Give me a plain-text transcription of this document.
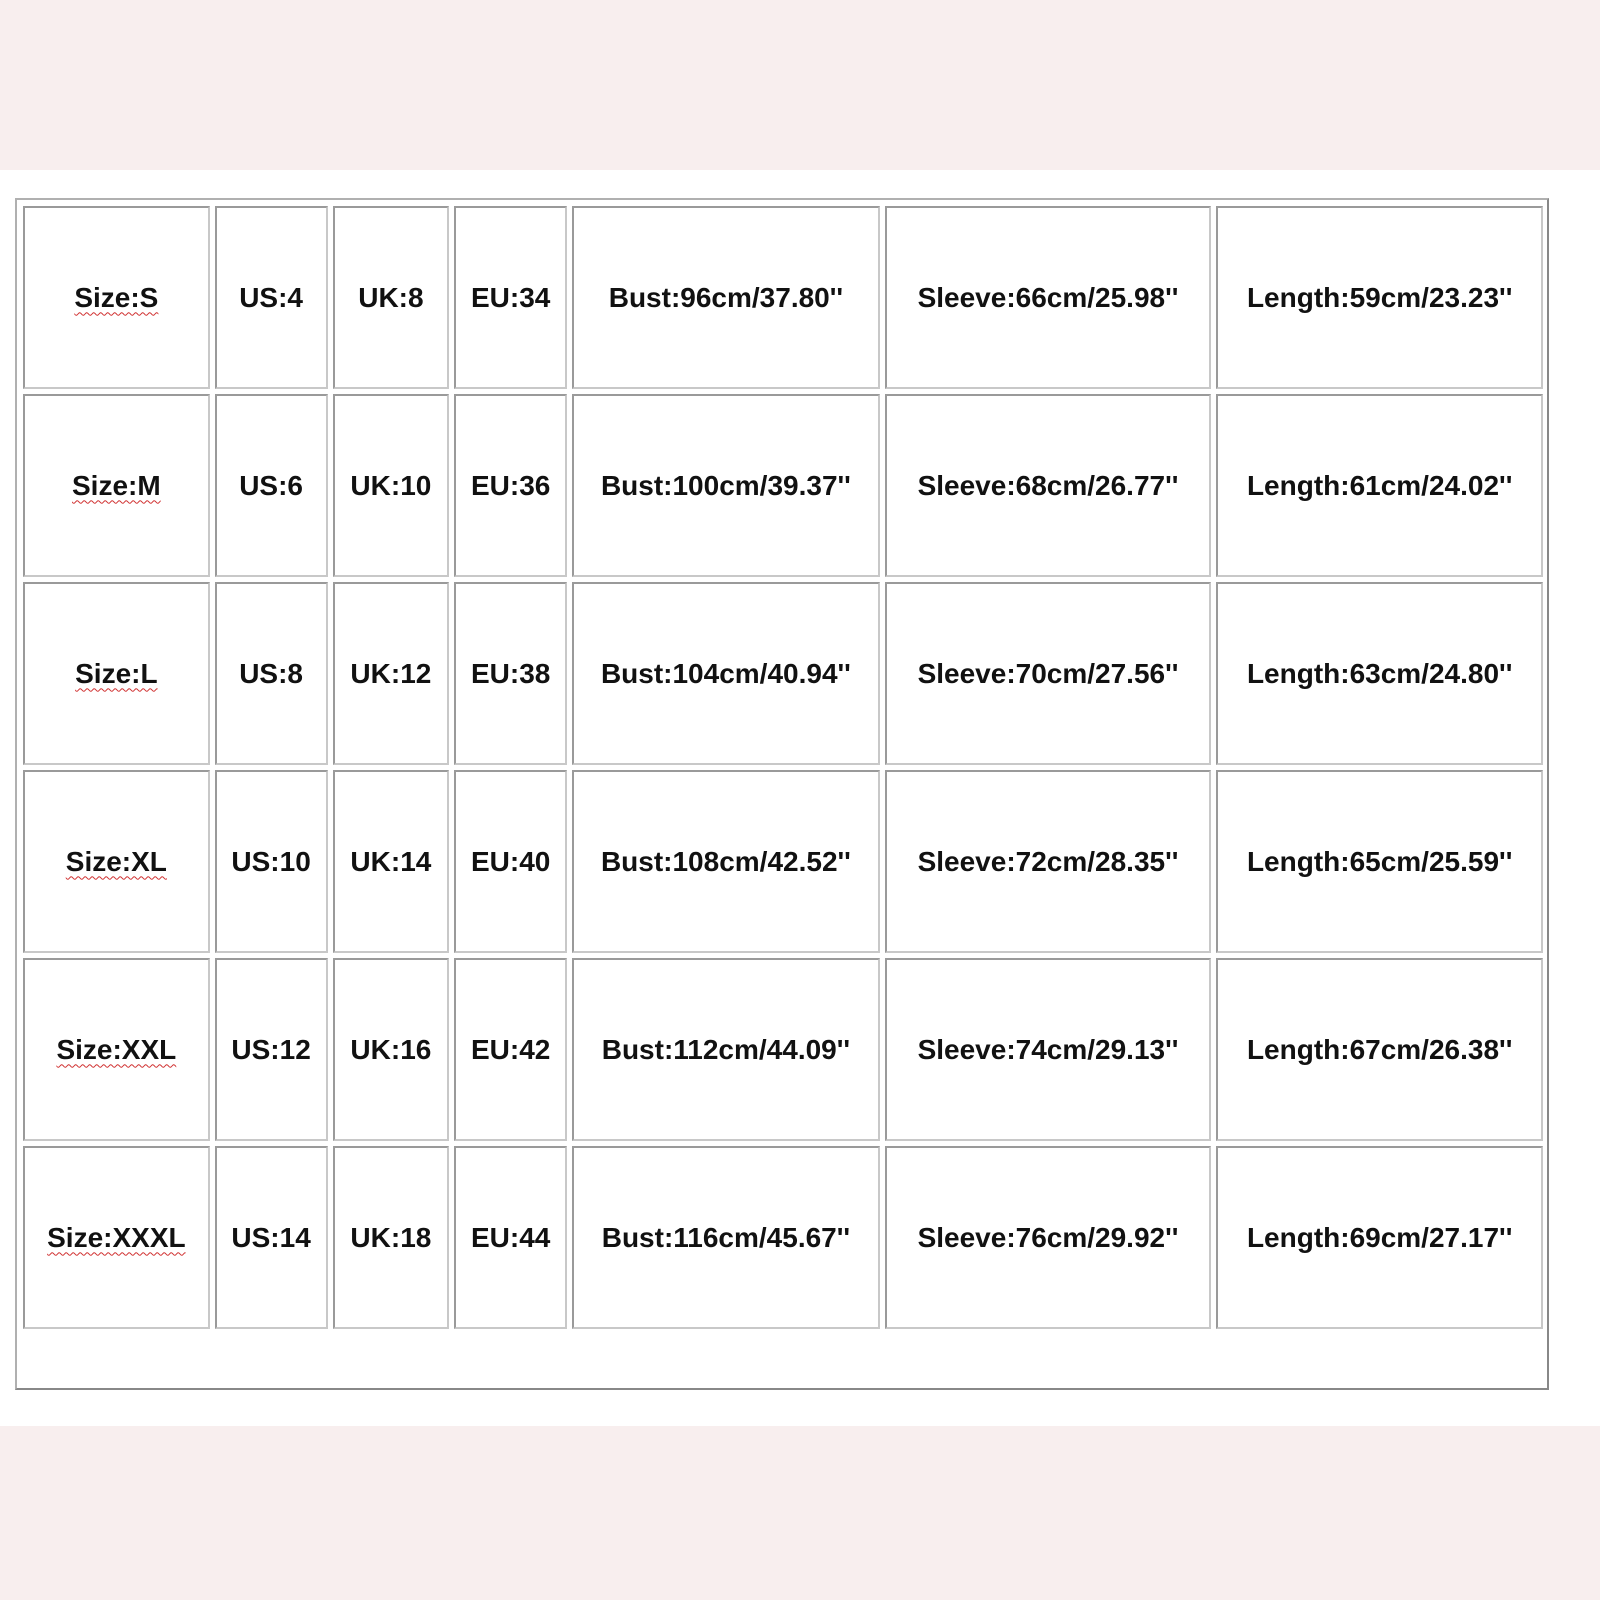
Size:S	US:4	UK:8	EU:34	Bust:96cm/37.80''	Sleeve:66cm/25.98''	Length:59cm/23.23''
Size:M	US:6	UK:10	EU:36	Bust:100cm/39.37''	Sleeve:68cm/26.77''	Length:61cm/24.02''
Size:L	US:8	UK:12	EU:38	Bust:104cm/40.94''	Sleeve:70cm/27.56''	Length:63cm/24.80''
Size:XL	US:10	UK:14	EU:40	Bust:108cm/42.52''	Sleeve:72cm/28.35''	Length:65cm/25.59''
Size:XXL	US:12	UK:16	EU:42	Bust:112cm/44.09''	Sleeve:74cm/29.13''	Length:67cm/26.38''
Size:XXXL	US:14	UK:18	EU:44	Bust:116cm/45.67''	Sleeve:76cm/29.92''	Length:69cm/27.17''
